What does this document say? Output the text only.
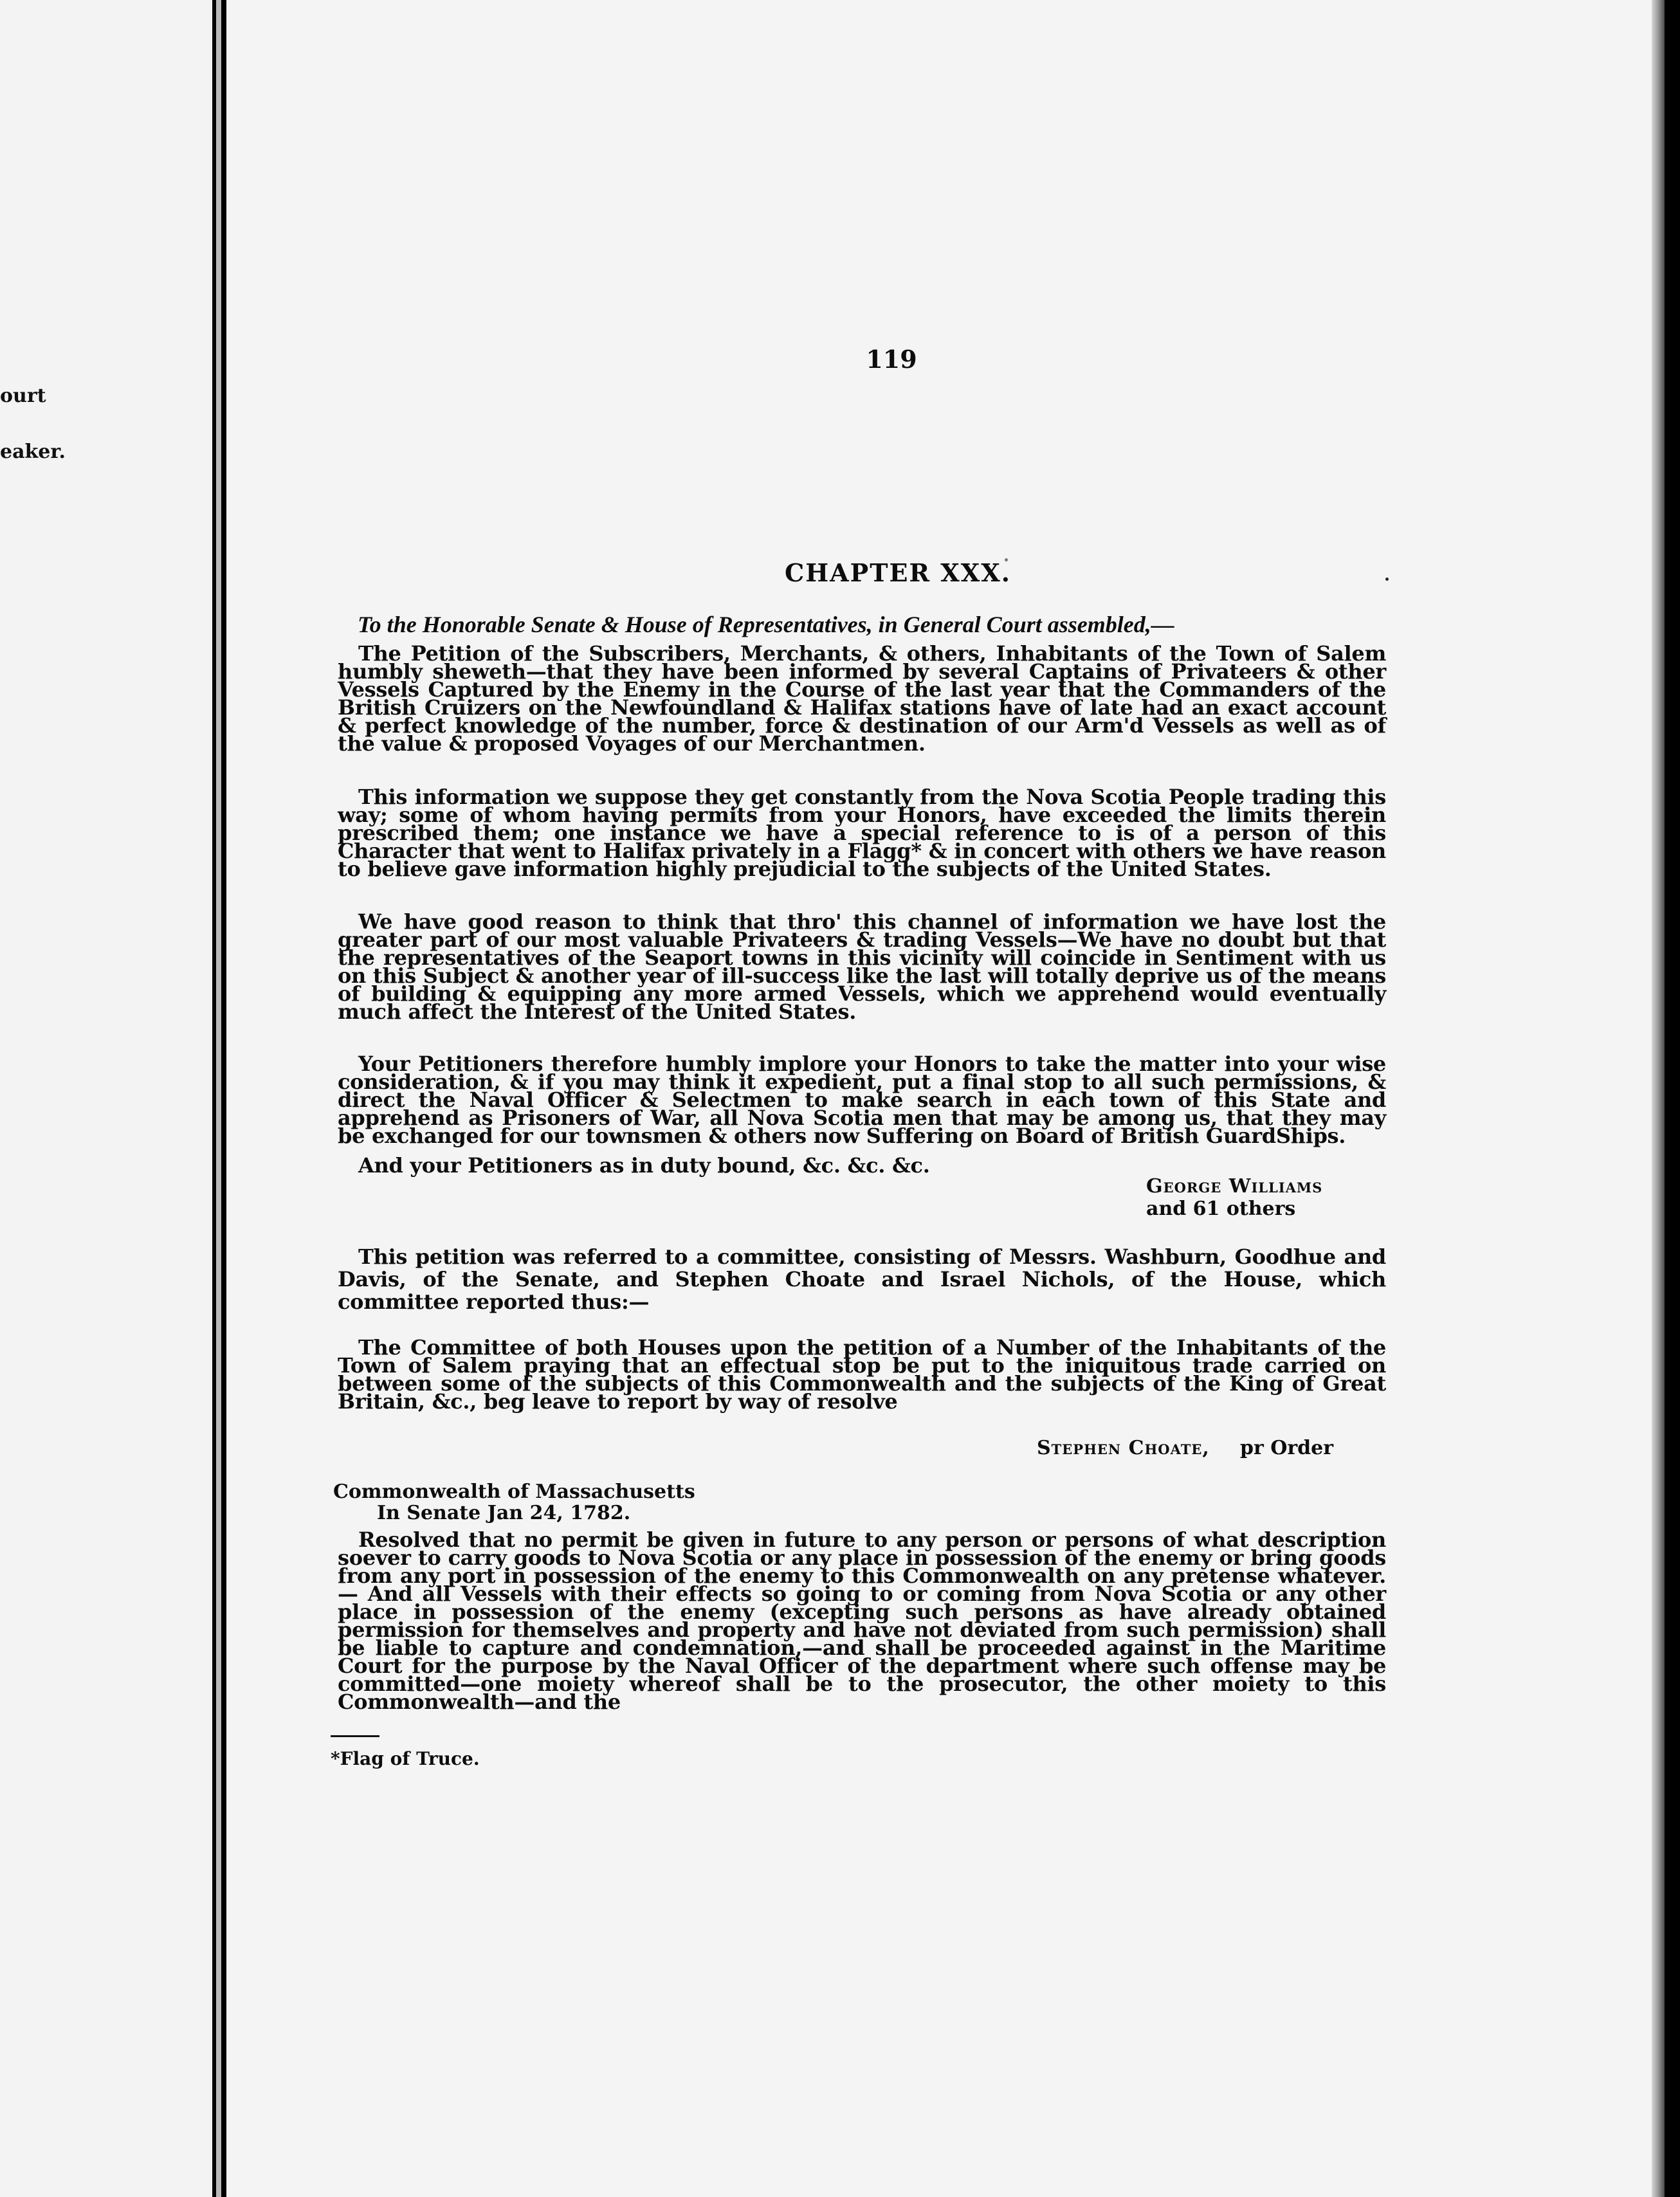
ourt
eaker.
119
CHAPTER XXX.
To the Honorable Senate & House of Representatives, in General Court assembled,—

The Petition of the Subscribers, Merchants, & others, Inhabitants of the Town of Salem humbly sheweth—that they have been informed by several Captains of Privateers & other Vessels Captured by the Enemy in the Course of the last year that the Commanders of the British Cruizers on the Newfoundland & Halifax stations have of late had an exact account & perfect knowledge of the number, force & destination of our Arm'd Vessels as well as of the value & proposed Voyages of our Merchantmen.

This information we suppose they get constantly from the Nova Scotia People trading this way; some of whom having permits from your Honors, have exceeded the limits therein prescribed them; one instance we have a special reference to is of a person of this Character that went to Halifax privately in a Flagg* & in concert with others we have reason to believe gave information highly prejudicial to the subjects of the United States.

We have good reason to think that thro' this channel of information we have lost the greater part of our most valuable Privateers & trading Vessels—We have no doubt but that the representatives of the Seaport towns in this vicinity will coincide in Sentiment with us on this Subject & another year of ill-success like the last will totally deprive us of the means of building & equipping any more armed Vessels, which we apprehend would eventually much affect the Interest of the United States.

Your Petitioners therefore humbly implore your Honors to take the matter into your wise consideration, & if you may think it expedient, put a final stop to all such permissions, & direct the Naval Officer & Selectmen to make search in each town of this State and apprehend as Prisoners of War, all Nova Scotia men that may be among us, that they may be exchanged for our townsmen & others now Suffering on Board of British GuardShips.

And your Petitioners as in duty bound, &c. &c. &c.

George Williams
and 61 others

This petition was referred to a committee, consisting of Messrs. Washburn, Goodhue and Davis, of the Senate, and Stephen Choate and Israel Nichols, of the House, which committee reported thus:—

The Committee of both Houses upon the petition of a Number of the Inhabitants of the Town of Salem praying that an effectual stop be put to the iniquitous trade carried on between some of the subjects of this Commonwealth and the subjects of the King of Great Britain, &c., beg leave to report by way of resolve

Stephen Choate, pr Order
Commonwealth of Massachusetts
In Senate Jan 24, 1782.

Resolved that no permit be given in future to any person or persons of what description soever to carry goods to Nova Scotia or any place in possession of the enemy or bring goods from any port in possession of the enemy to this Commonwealth on any pretense whatever.— And all Vessels with their effects so going to or coming from Nova Scotia or any other place in possession of the enemy (excepting such persons as have already obtained permission for themselves and property and have not deviated from such permission) shall be liable to capture and condemnation,—and shall be proceeded against in the Maritime Court for the purpose by the Naval Officer of the department where such offense may be committed—one moiety whereof shall be to the prosecutor, the other moiety to this Commonwealth—and the

*Flag of Truce.
